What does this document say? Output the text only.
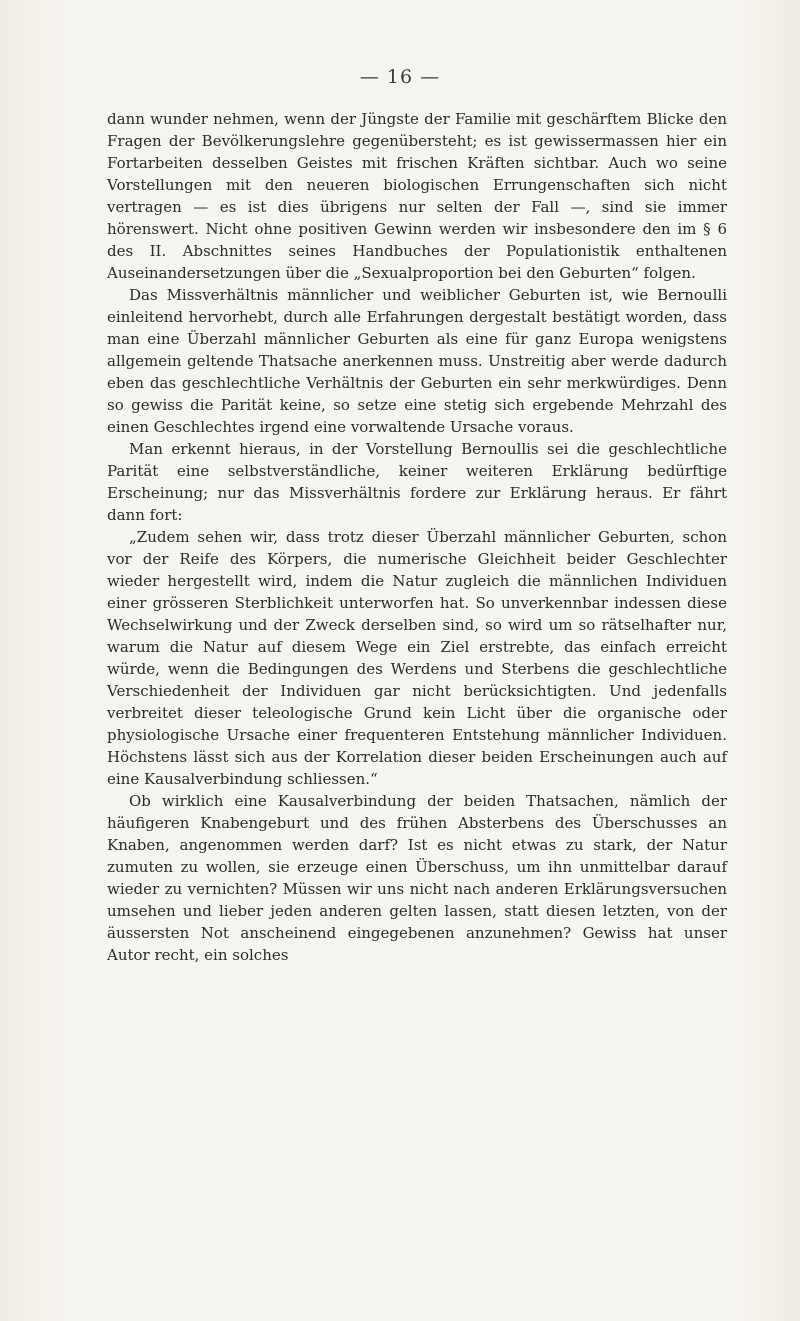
— 16 —

dann wunder nehmen, wenn der Jüngste der Familie mit geschärftem Blicke den Fragen der Bevölkerungslehre gegenübersteht; es ist gewissermassen hier ein Fortarbeiten desselben Geistes mit frischen Kräften sichtbar. Auch wo seine Vorstellungen mit den neueren biologischen Errungenschaften sich nicht vertragen — es ist dies übrigens nur selten der Fall —, sind sie immer hörenswert. Nicht ohne positiven Gewinn werden wir insbesondere den im § 6 des II. Abschnittes seines Handbuches der Populationistik enthaltenen Auseinandersetzungen über die „Sexualproportion bei den Geburten“ folgen.

Das Missverhältnis männlicher und weiblicher Geburten ist, wie Bernoulli einleitend hervorhebt, durch alle Erfahrungen dergestalt bestätigt worden, dass man eine Überzahl männlicher Geburten als eine für ganz Europa wenigstens allgemein geltende Thatsache anerkennen muss. Unstreitig aber werde dadurch eben das geschlechtliche Verhältnis der Geburten ein sehr merkwürdiges. Denn so gewiss die Parität keine, so setze eine stetig sich ergebende Mehrzahl des einen Geschlechtes irgend eine vorwaltende Ursache voraus.

Man erkennt hieraus, in der Vorstellung Bernoullis sei die geschlechtliche Parität eine selbstverständliche, keiner weiteren Erklärung bedürftige Erscheinung; nur das Missverhältnis fordere zur Erklärung heraus. Er fährt dann fort:

„Zudem sehen wir, dass trotz dieser Überzahl männlicher Geburten, schon vor der Reife des Körpers, die numerische Gleichheit beider Geschlechter wieder hergestellt wird, indem die Natur zugleich die männlichen Individuen einer grösseren Sterblichkeit unterworfen hat. So unverkennbar indessen diese Wechselwirkung und der Zweck derselben sind, so wird um so rätselhafter nur, warum die Natur auf diesem Wege ein Ziel erstrebte, das einfach erreicht würde, wenn die Bedingungen des Werdens und Sterbens die geschlechtliche Verschiedenheit der Individuen gar nicht berücksichtigten. Und jedenfalls verbreitet dieser teleologische Grund kein Licht über die organische oder physiologische Ursache einer frequenteren Entstehung männlicher Individuen. Höchstens lässt sich aus der Korrelation dieser beiden Erscheinungen auch auf eine Kausalverbindung schliessen.“

Ob wirklich eine Kausalverbindung der beiden Thatsachen, nämlich der häufigeren Knabengeburt und des frühen Absterbens des Überschusses an Knaben, angenommen werden darf? Ist es nicht etwas zu stark, der Natur zumuten zu wollen, sie erzeuge einen Überschuss, um ihn unmittelbar darauf wieder zu vernichten? Müssen wir uns nicht nach anderen Erklärungsversuchen umsehen und lieber jeden anderen gelten lassen, statt diesen letzten, von der äussersten Not anscheinend eingegebenen anzunehmen? Gewiss hat unser Autor recht, ein solches
